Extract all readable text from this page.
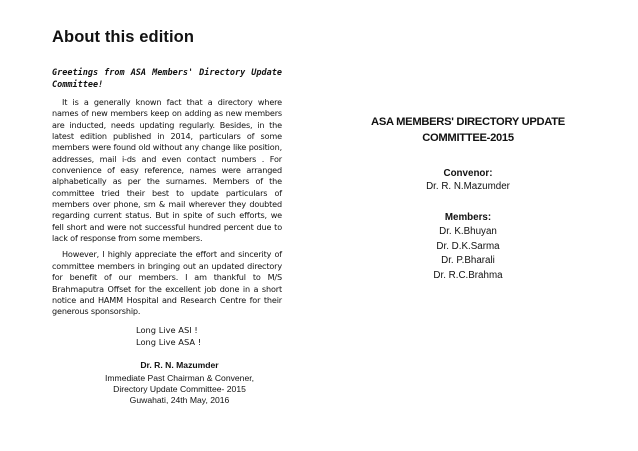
About this edition

Greetings from ASA Members' Directory Update Committee!

It is a generally known fact that a directory where names of new members keep on adding as new members are inducted, needs updating regularly. Besides, in the latest edition published in 2014, particulars of some members were found old without any change like position, addresses, mail i-ds and even contact numbers . For convenience of easy reference, names were arranged alphabetically as per the surnames. Members of the committee tried their best to update particulars of members over phone, sm & mail wherever they doubted regarding current status. But in spite of such efforts, we fell short and were not successful hundred percent due to lack of response from some members.

However, I highly appreciate the effort and sincerity of committee members in bringing out an updated directory for benefit of our members. I am thankful to M/S Brahmaputra Offset for the excellent job done in a short notice and HAMM Hospital and Research Centre for their generous sponsorship.

Long Live ASI !
Long Live ASA !
Dr. R. N. Mazumder
Immediate Past Chairman & Convener,
Directory Update Committee- 2015
Guwahati, 24th May, 2016
ASA MEMBERS' DIRECTORY UPDATE
COMMITTEE-2015
Convenor:
Dr. R. N.Mazumder
Members:
Dr. K.Bhuyan
Dr. D.K.Sarma
Dr. P.Bharali
Dr. R.C.Brahma
